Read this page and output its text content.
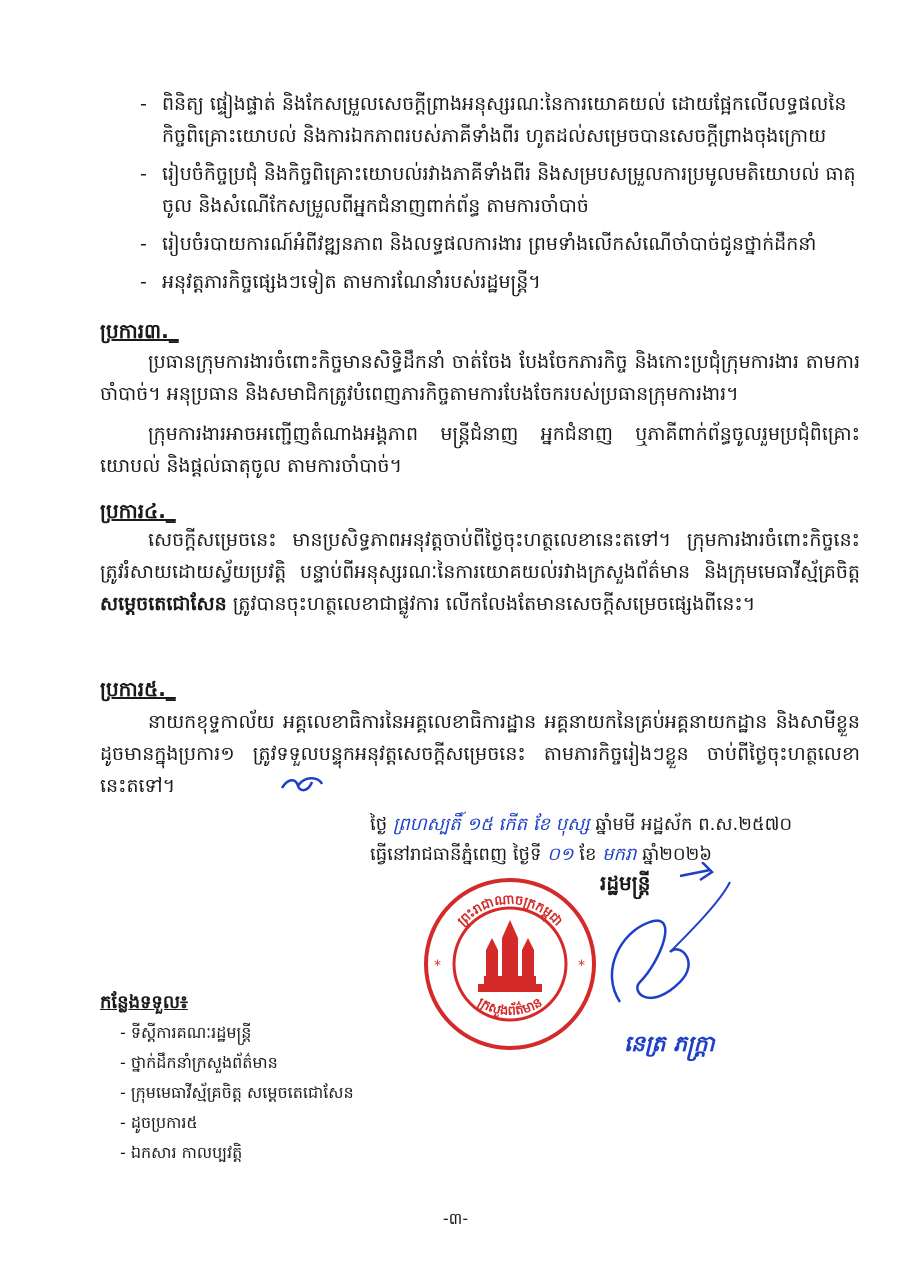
- ពិនិត្យ ផ្ទៀងផ្ទាត់ និងកែសម្រួលសេចក្ដីព្រាងអនុស្សរណៈនៃការយោគយល់ ដោយផ្អែកលើលទ្ធផលនៃកិច្ចពិគ្រោះយោបល់ និងការឯកភាពរបស់ភាគីទាំងពីរ ហូតដល់សម្រេចបានសេចក្ដីព្រាងចុងក្រោយ
- រៀបចំកិច្ចប្រជុំ និងកិច្ចពិគ្រោះយោបល់រវាងភាគីទាំងពីរ និងសម្របសម្រួលការប្រមូលមតិយោបល់ ធាតុចូល និងសំណើកែសម្រួលពីអ្នកជំនាញពាក់ព័ន្ធ តាមការចាំបាច់
- រៀបចំរបាយការណ៍អំពីវឌ្ឍនភាព និងលទ្ធផលការងារ ព្រមទាំងលើកសំណើចាំបាច់ជូនថ្នាក់ដឹកនាំ
- អនុវត្តភារកិច្ចផ្សេងៗទៀត តាមការណែនាំរបស់រដ្ឋមន្ត្រី។
ប្រការ៣._
ប្រធានក្រុមការងារចំពោះកិច្ចមានសិទ្ធិដឹកនាំ ចាត់ចែង បែងចែកភារកិច្ច និងកោះប្រជុំក្រុមការងារ តាមការចាំបាច់។ អនុប្រធាន និងសមាជិកត្រូវបំពេញភារកិច្ចតាមការបែងចែករបស់ប្រធានក្រុមការងារ។
ក្រុមការងារអាចអញ្ជើញតំណាងអង្គភាព មន្ត្រីជំនាញ អ្នកជំនាញ ឬភាគីពាក់ព័ន្ធចូលរួមប្រជុំពិគ្រោះយោបល់ និងផ្ដល់ធាតុចូល តាមការចាំបាច់។
ប្រការ៤._
សេចក្ដីសម្រេចនេះ មានប្រសិទ្ធភាពអនុវត្តចាប់ពីថ្ងៃចុះហត្ថលេខានេះតទៅ។ ក្រុមការងារចំពោះកិច្ចនេះ ត្រូវរំសាយដោយស្វ័យប្រវត្តិ បន្ទាប់ពីអនុស្សរណៈនៃការយោគយល់រវាងក្រសួងព័ត៌មាន និងក្រុមមេធាវីស្ម័គ្រចិត្ត សម្ដេចតេជោសែន ត្រូវបានចុះហត្ថលេខាជាផ្លូវការ លើកលែងតែមានសេចក្ដីសម្រេចផ្សេងពីនេះ។
ប្រការ៥._
នាយកខុទ្ទកាល័យ អគ្គលេខាធិការនៃអគ្គលេខាធិការដ្ឋាន អគ្គនាយកនៃគ្រប់អគ្គនាយកដ្ឋាន និងសាមីខ្លួនដូចមានក្នុងប្រការ១ ត្រូវទទួលបន្ទុកអនុវត្តសេចក្ដីសម្រេចនេះ តាមភារកិច្ចរៀងៗខ្លួន ចាប់ពីថ្ងៃចុះហត្ថលេខានេះតទៅ។
ថ្ងៃ ព្រហស្បតិ៍ ១៥ កើត ខែ បុស្ស ឆ្នាំមមី អដ្ឋស័ក ព.ស.២៥៧០
ធ្វើនៅរាជធានីភ្នំពេញ ថ្ងៃទី ០១ ខែ មករា ឆ្នាំ២០២៦
ព្រះរាជាណាចក្រកម្ពុជា
ក្រសួងព័ត៌មាន
*	*
រដ្ឋមន្ត្រី
នេត្រ ភក្ត្រា
កន្លែងទទួល៖
- ទីស្ដីការគណៈរដ្ឋមន្ត្រី
- ថ្នាក់ដឹកនាំក្រសួងព័ត៌មាន
- ក្រុមមេធាវីស្ម័គ្រចិត្ត សម្ដេចតេជោសែន
- ដូចប្រការ៥
- ឯកសារ កាលប្បវត្តិ
-៣-
